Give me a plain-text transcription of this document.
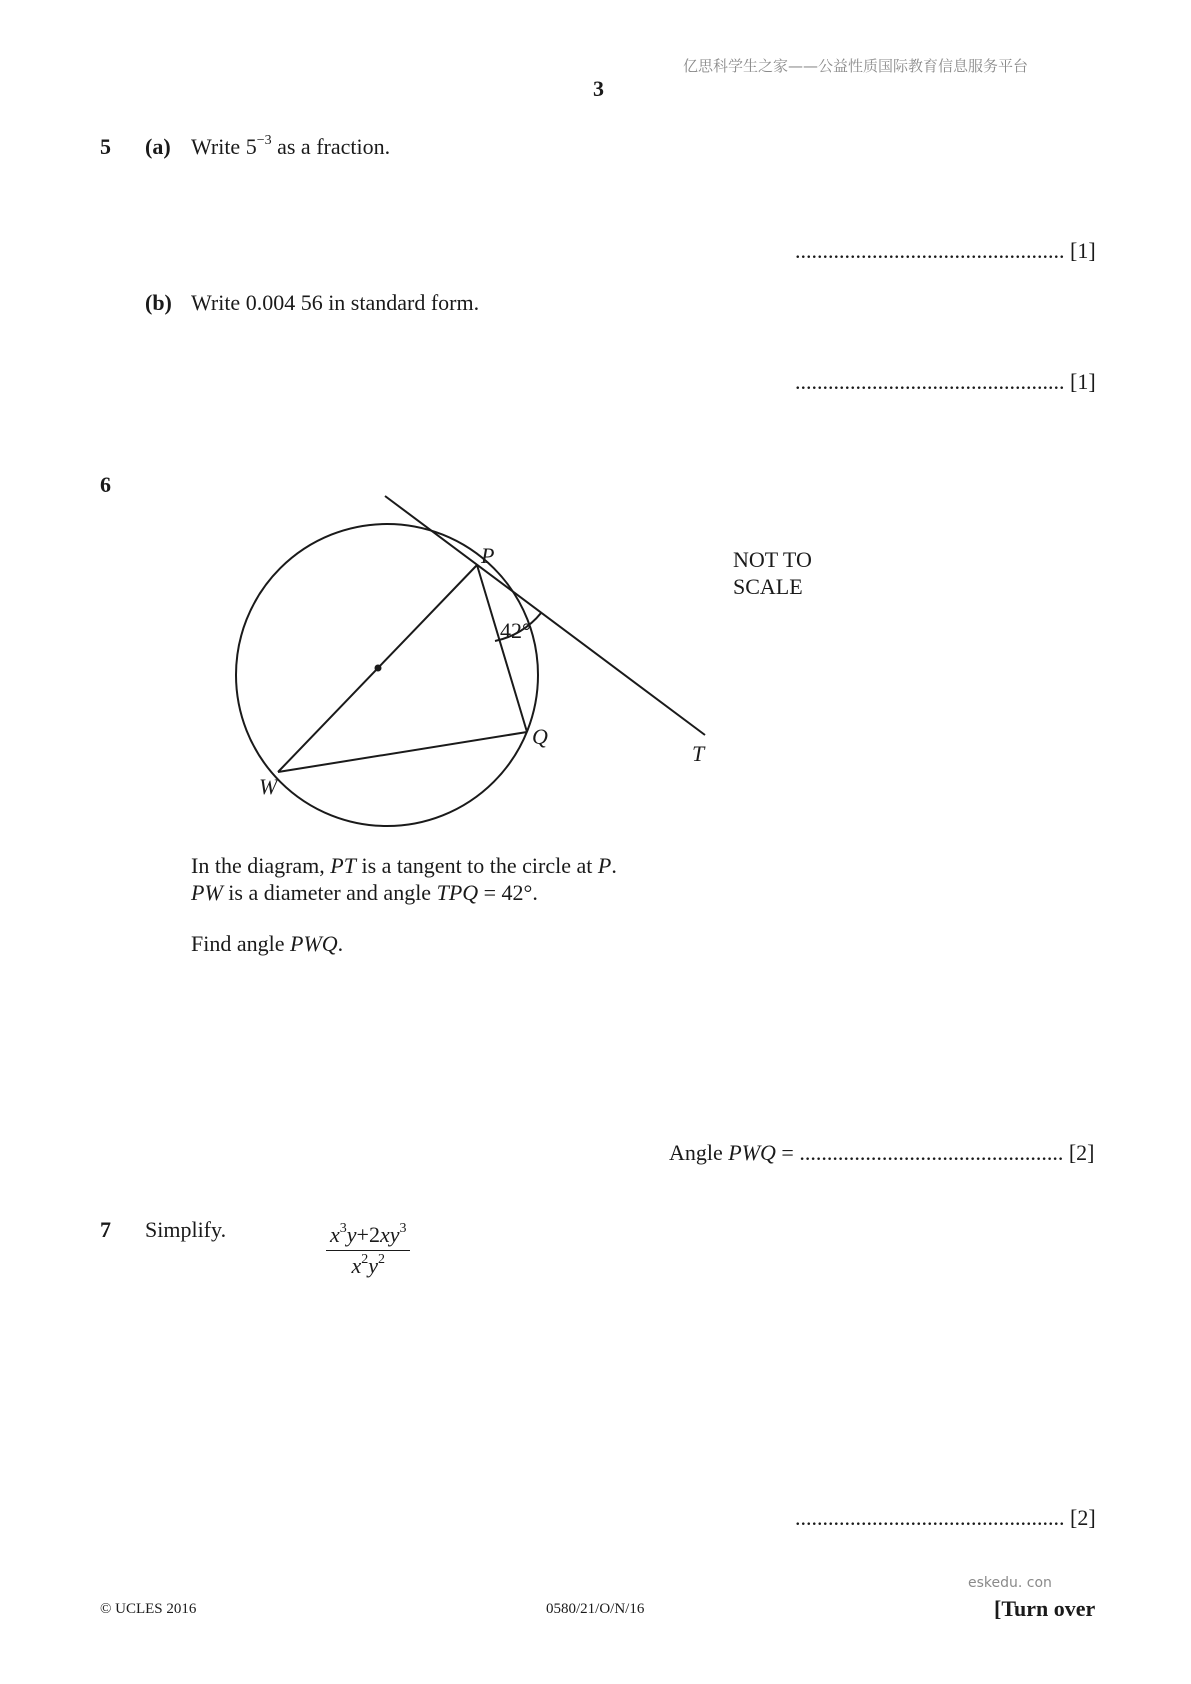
亿思科学生之家——公益性质国际教育信息服务平台
3
5 (a) Write $5^{-3}$ as a fraction.
................................................. [1]
(b) Write 0.004 56 in standard form.
................................................. [1]
6
P
Q
W
T
42°
NOT TO
SCALE
In the diagram, PT is a tangent to the circle at P.
PW is a diameter and angle TPQ = 42°.
Find angle PWQ.
Angle PWQ = ................................................ [2]
7 Simplify.	$\frac{x^3y+2xy^3}{x^2y^2}$
................................................. [2]
eskedu. con
© UCLES 2016	0580/21/O/N/16	[Turn over
